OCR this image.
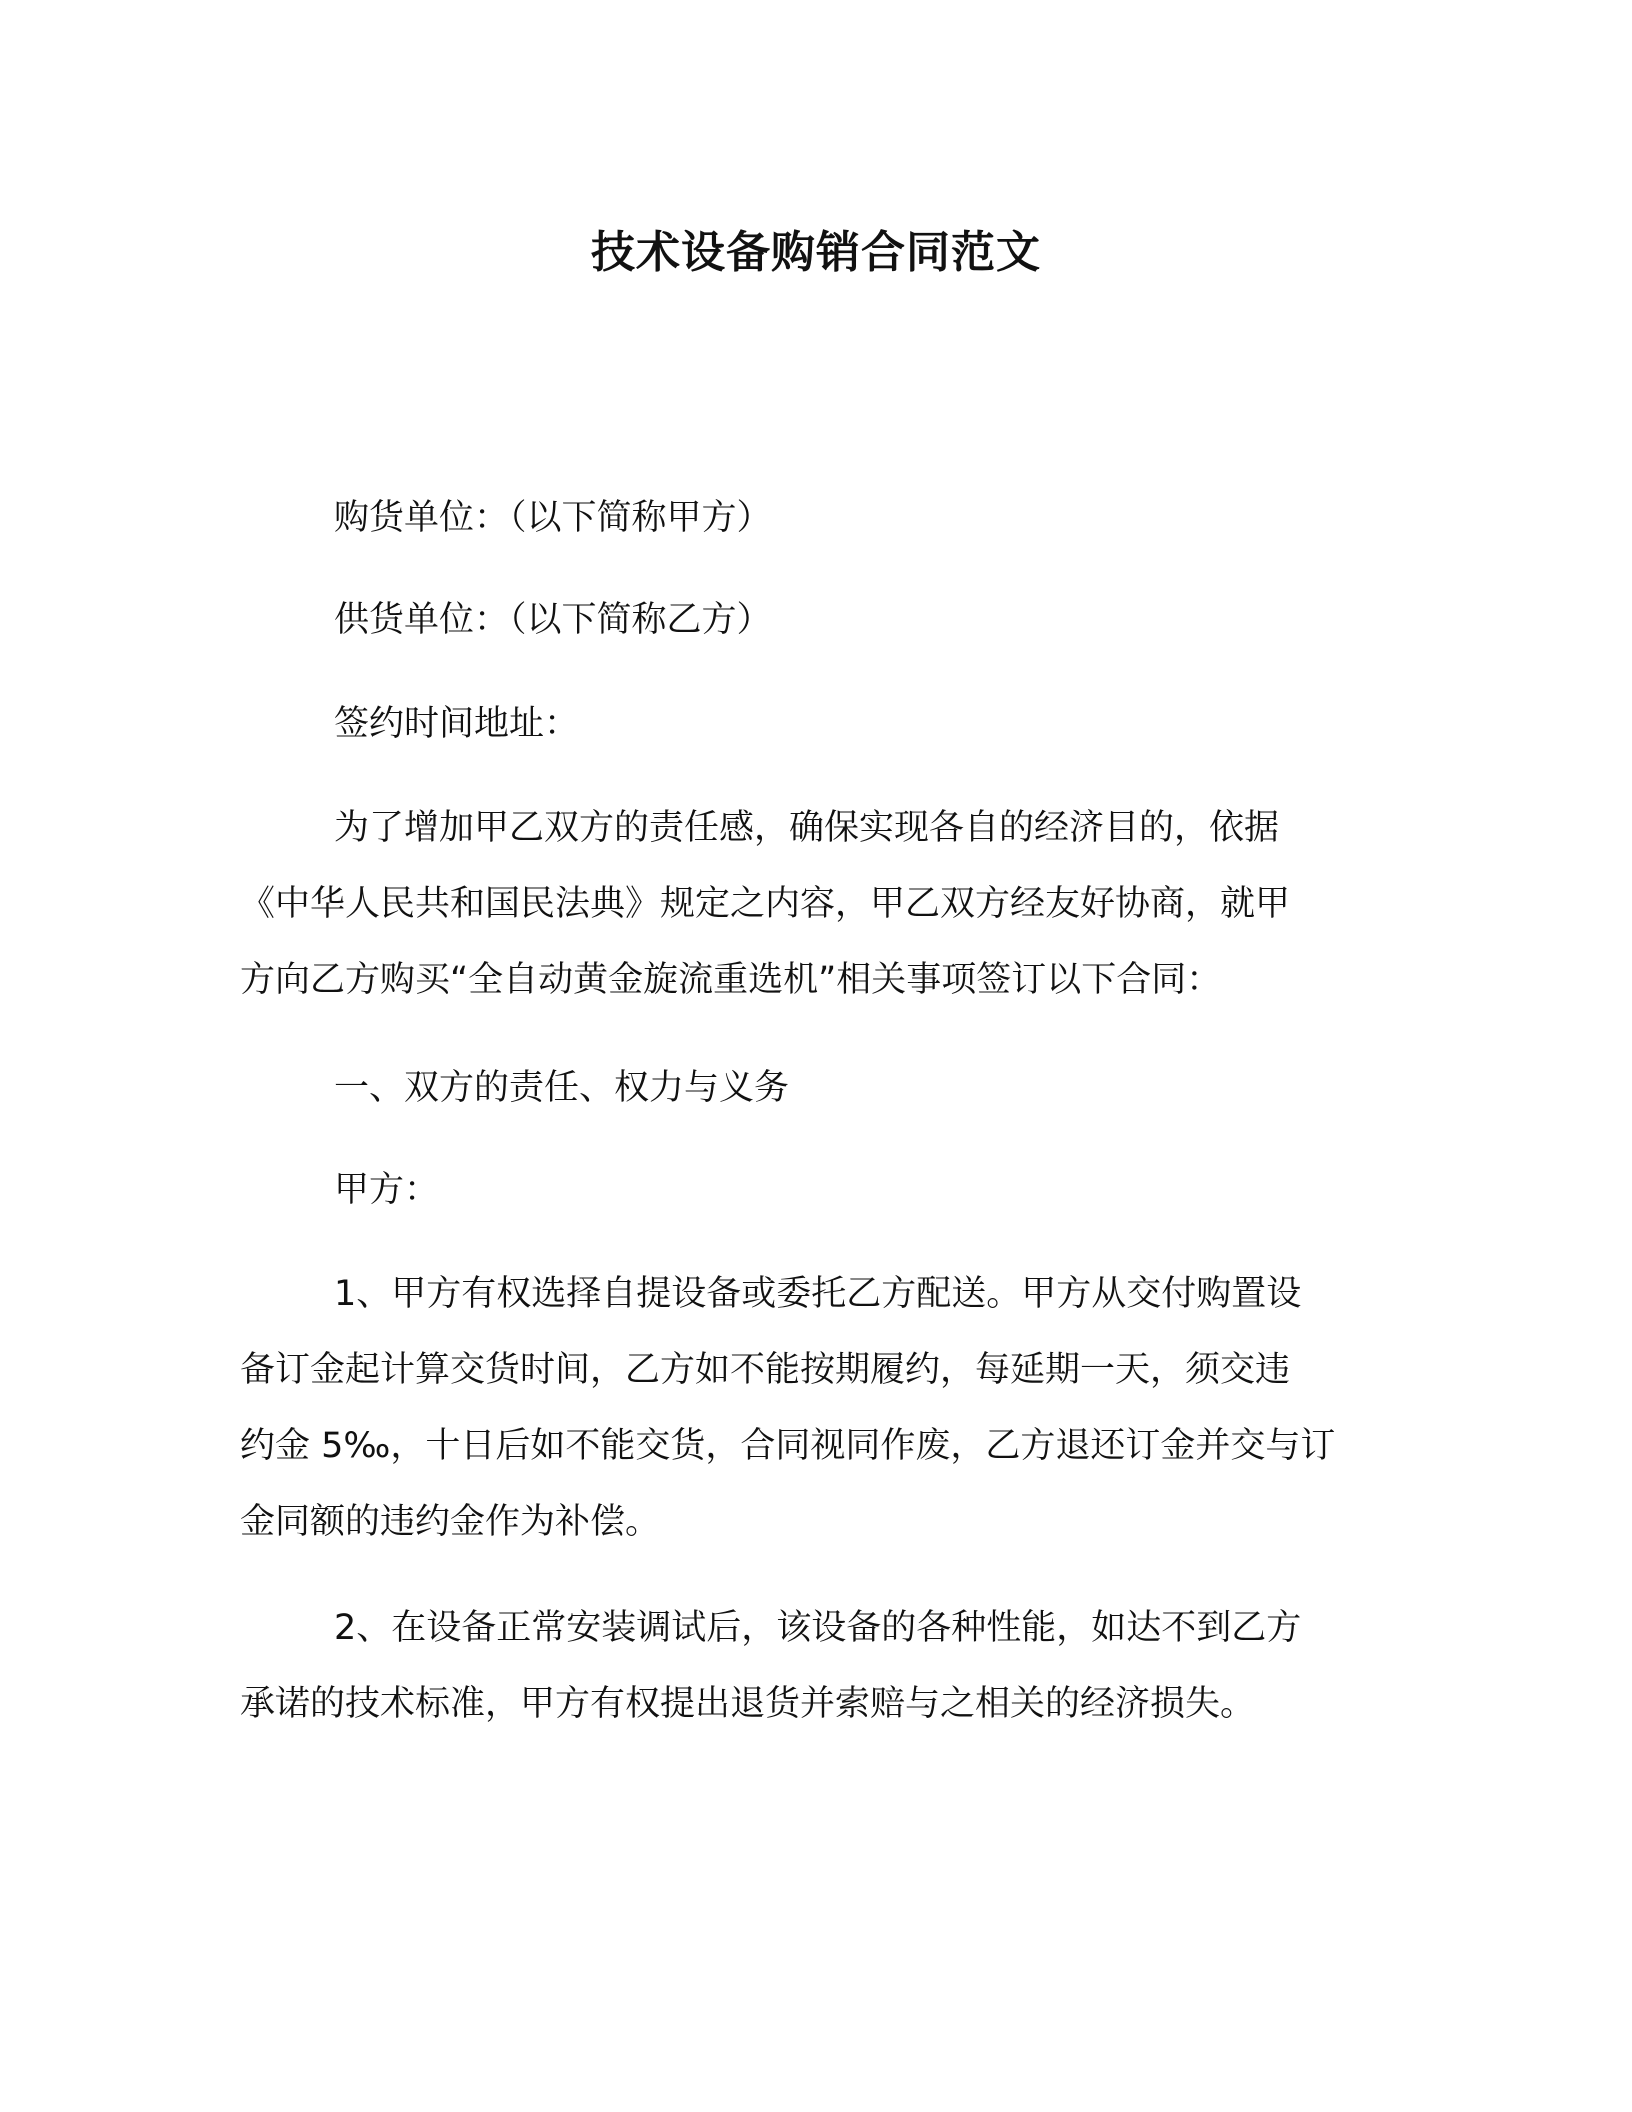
技术设备购销合同范文

购货单位：（以下简称甲方）

供货单位：（以下简称乙方）

签约时间地址：

为了增加甲乙双方的责任感，确保实现各自的经济目的，依据
《中华人民共和国民法典》规定之内容，甲乙双方经友好协商，就甲
方向乙方购买“全自动黄金旋流重选机”相关事项签订以下合同：

一、双方的责任、权力与义务

甲方：

1、甲方有权选择自提设备或委托乙方配送。甲方从交付购置设
备订金起计算交货时间，乙方如不能按期履约，每延期一天，须交违
约金 5‰，十日后如不能交货，合同视同作废，乙方退还订金并交与订
金同额的违约金作为补偿。

2、在设备正常安装调试后，该设备的各种性能，如达不到乙方
承诺的技术标准，甲方有权提出退货并索赔与之相关的经济损失。
